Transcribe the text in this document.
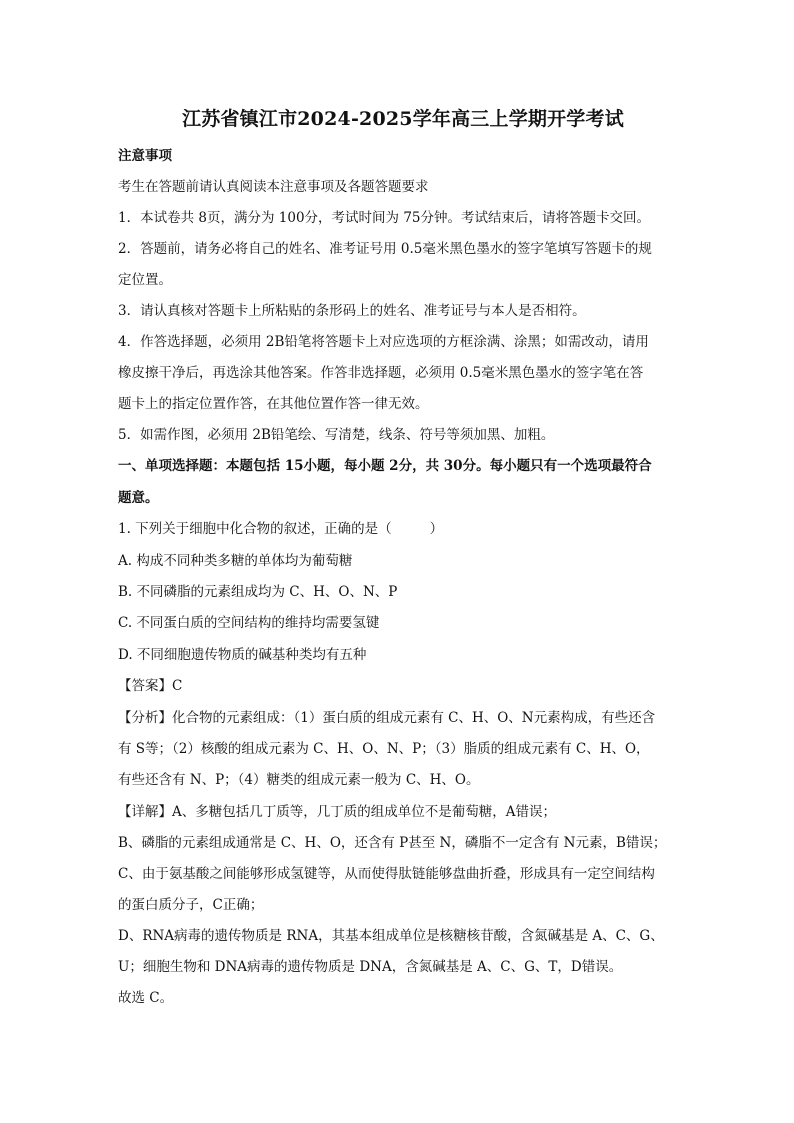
江苏省镇江市2024-2025学年高三上学期开学考试
注意事项
考生在答题前请认真阅读本注意事项及各题答题要求
1．本试卷共 8页，满分为 100分，考试时间为 75分钟。考试结束后，请将答题卡交回。
2．答题前，请务必将自己的姓名、准考证号用 0.5毫米黑色墨水的签字笔填写答题卡的规
定位置。
3．请认真核对答题卡上所粘贴的条形码上的姓名、准考证号与本人是否相符。
4．作答选择题，必须用 2B铅笔将答题卡上对应选项的方框涂满、涂黑；如需改动，请用
橡皮擦干净后，再选涂其他答案。作答非选择题，必须用 0.5毫米黑色墨水的签字笔在答
题卡上的指定位置作答，在其他位置作答一律无效。
5．如需作图，必须用 2B铅笔绘、写清楚，线条、符号等须加黑、加粗。
一、单项选择题：本题包括 15小题，每小题 2分，共 30分。每小题只有一个选项最符合
题意。
1. 下列关于细胞中化合物的叙述，正确的是（	）
A. 构成不同种类多糖的单体均为葡萄糖
B. 不同磷脂的元素组成均为 C、H、O、N、P
C. 不同蛋白质的空间结构的维持均需要氢键
D. 不同细胞遗传物质的碱基种类均有五种
【答案】C
【分析】化合物的元素组成：（1）蛋白质的组成元素有 C、H、O、N元素构成，有些还含
有 S等；（2）核酸的组成元素为 C、H、O、N、P；（3）脂质的组成元素有 C、H、O，
有些还含有 N、P；（4）糖类的组成元素一般为 C、H、O。
【详解】A、多糖包括几丁质等，几丁质的组成单位不是葡萄糖，A错误；
B、磷脂的元素组成通常是 C、H、O，还含有 P甚至 N，磷脂不一定含有 N元素，B错误；
C、由于氨基酸之间能够形成氢键等，从而使得肽链能够盘曲折叠，形成具有一定空间结构
的蛋白质分子，C正确；
D、RNA病毒的遗传物质是 RNA，其基本组成单位是核糖核苷酸，含氮碱基是 A、C、G、
U；细胞生物和 DNA病毒的遗传物质是 DNA，含氮碱基是 A、C、G、T，D错误。
故选 C。
